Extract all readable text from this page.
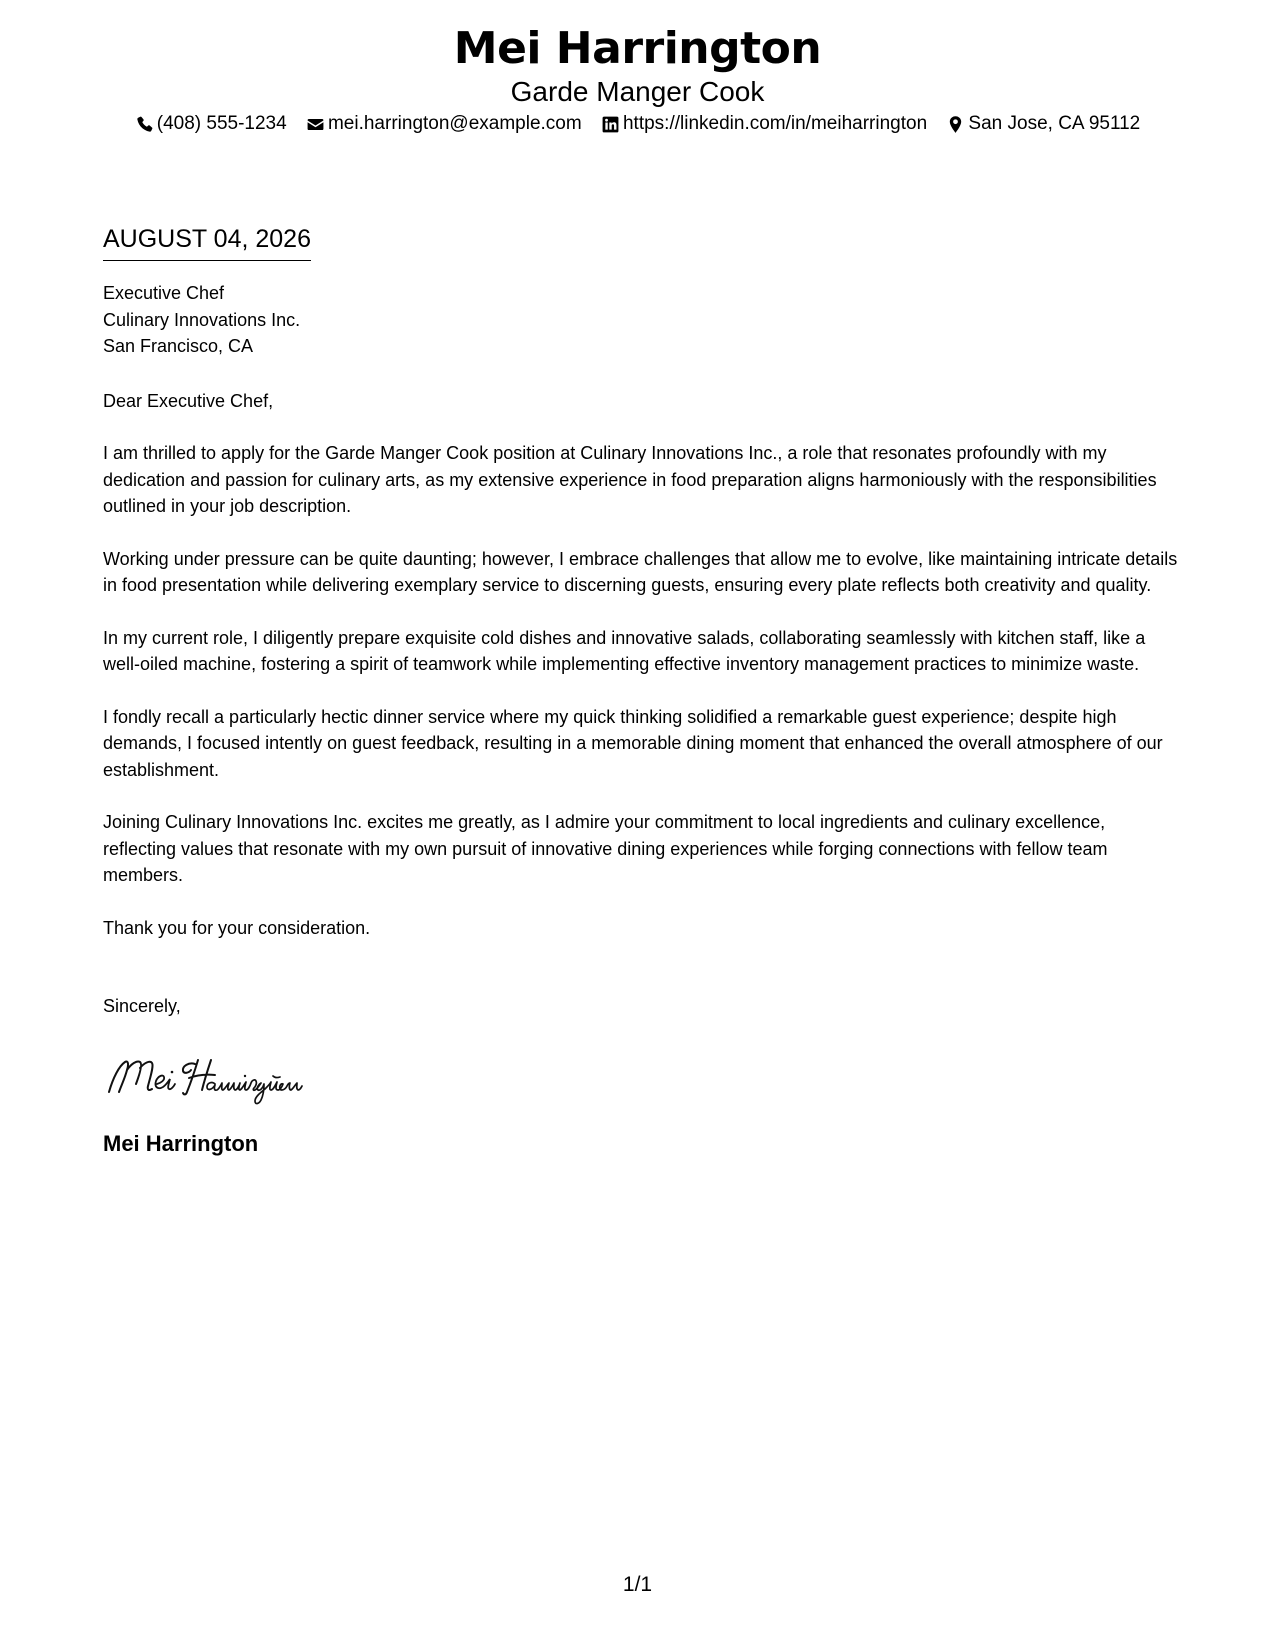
Mei Harrington
Garde Manger Cook
(408) 555-1234
mei.harrington@example.com
https://linkedin.com/in/meiharrington
San Jose, CA 95112
AUGUST 04, 2026
Executive Chef
Culinary Innovations Inc.
San Francisco, CA
Dear Executive Chef,
I am thrilled to apply for the Garde Manger Cook position at Culinary Innovations Inc., a role that resonates profoundly with my dedication and passion for culinary arts, as my extensive experience in food preparation aligns harmoniously with the responsibilities outlined in your job description.
Working under pressure can be quite daunting; however, I embrace challenges that allow me to evolve, like maintaining intricate details in food presentation while delivering exemplary service to discerning guests, ensuring every plate reflects both creativity and quality.
In my current role, I diligently prepare exquisite cold dishes and innovative salads, collaborating seamlessly with kitchen staff, like a well-oiled machine, fostering a spirit of teamwork while implementing effective inventory management practices to minimize waste.
I fondly recall a particularly hectic dinner service where my quick thinking solidified a remarkable guest experience; despite high demands, I focused intently on guest feedback, resulting in a memorable dining moment that enhanced the overall atmosphere of our establishment.
Joining Culinary Innovations Inc. excites me greatly, as I admire your commitment to local ingredients and culinary excellence, reflecting values that resonate with my own pursuit of innovative dining experiences while forging connections with fellow team members.
Thank you for your consideration.
Sincerely,
Mei Harrington
1/1
